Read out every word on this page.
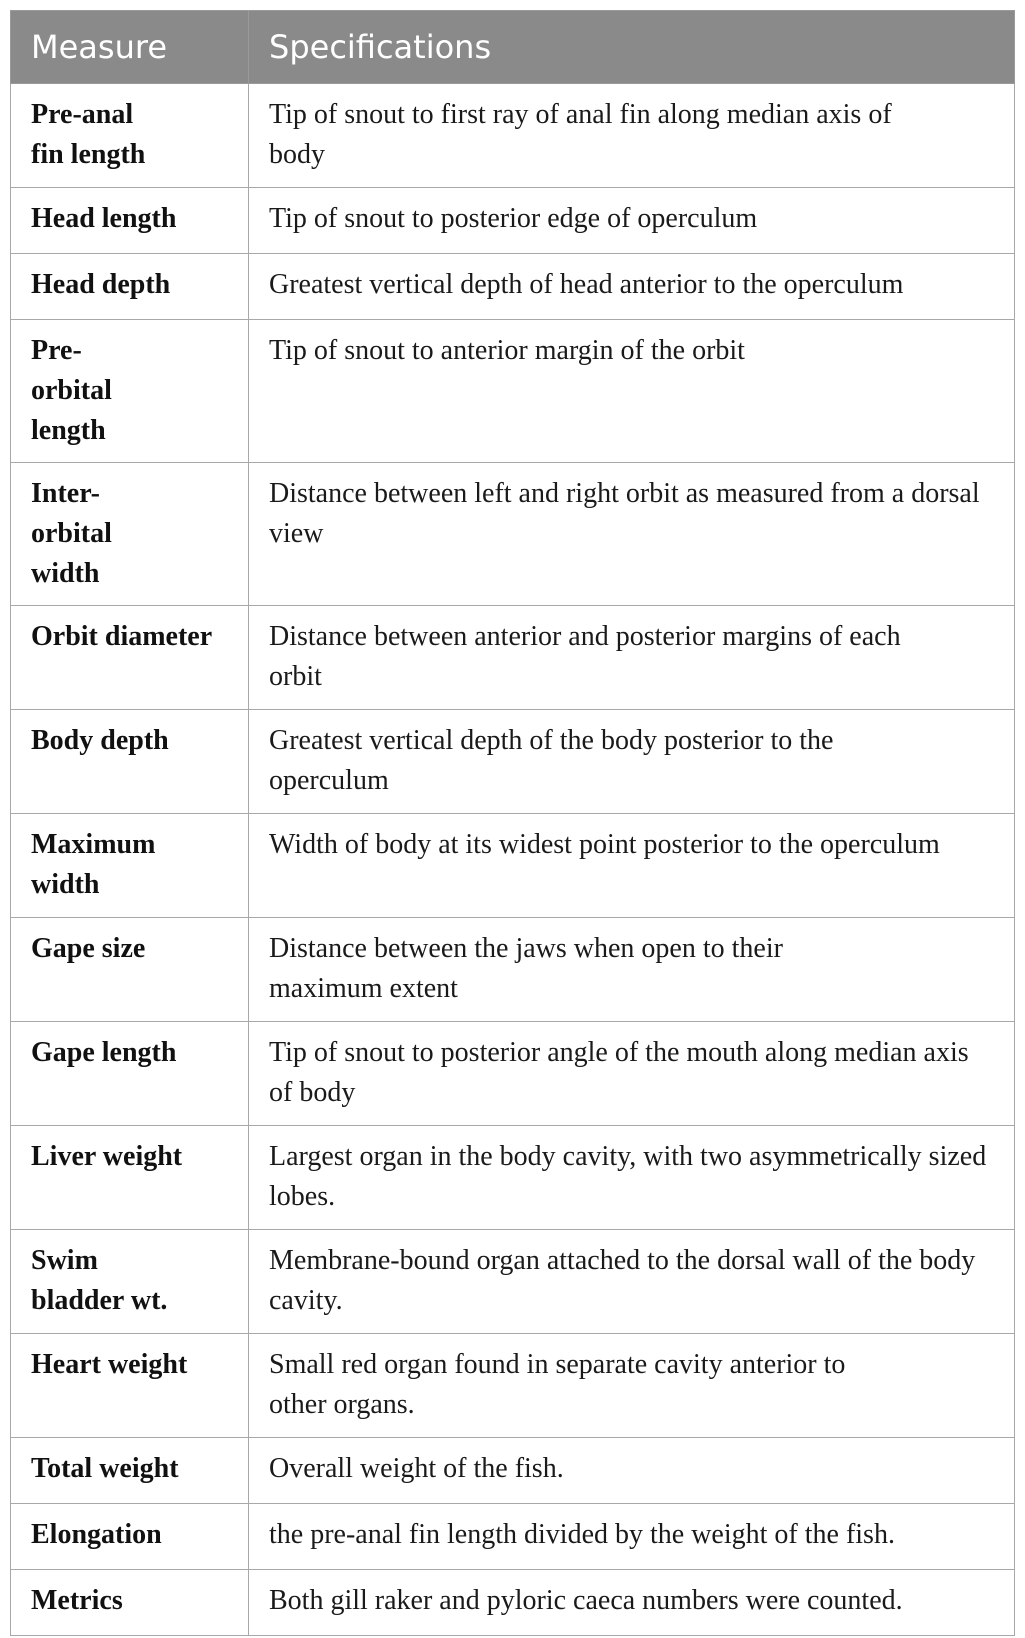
Measure	Specifications
Pre-anal fin length	Tip of snout to first ray of anal fin along median axis of body
Head length	Tip of snout to posterior edge of operculum
Head depth	Greatest vertical depth of head anterior to the operculum
Pre-orbital length	Tip of snout to anterior margin of the orbit
Inter-orbital width	Distance between left and right orbit as measured from a dorsal view
Orbit diameter	Distance between anterior and posterior margins of each orbit
Body depth	Greatest vertical depth of the body posterior to the operculum
Maximum width	Width of body at its widest point posterior to the operculum
Gape size	Distance between the jaws when open to their maximum extent
Gape length	Tip of snout to posterior angle of the mouth along median axis of body
Liver weight	Largest organ in the body cavity, with two asymmetrically sized lobes.
Swim bladder wt.	Membrane-bound organ attached to the dorsal wall of the body cavity.
Heart weight	Small red organ found in separate cavity anterior to other organs.
Total weight	Overall weight of the fish.
Elongation	the pre-anal fin length divided by the weight of the fish.
Metrics	Both gill raker and pyloric caeca numbers were counted.
